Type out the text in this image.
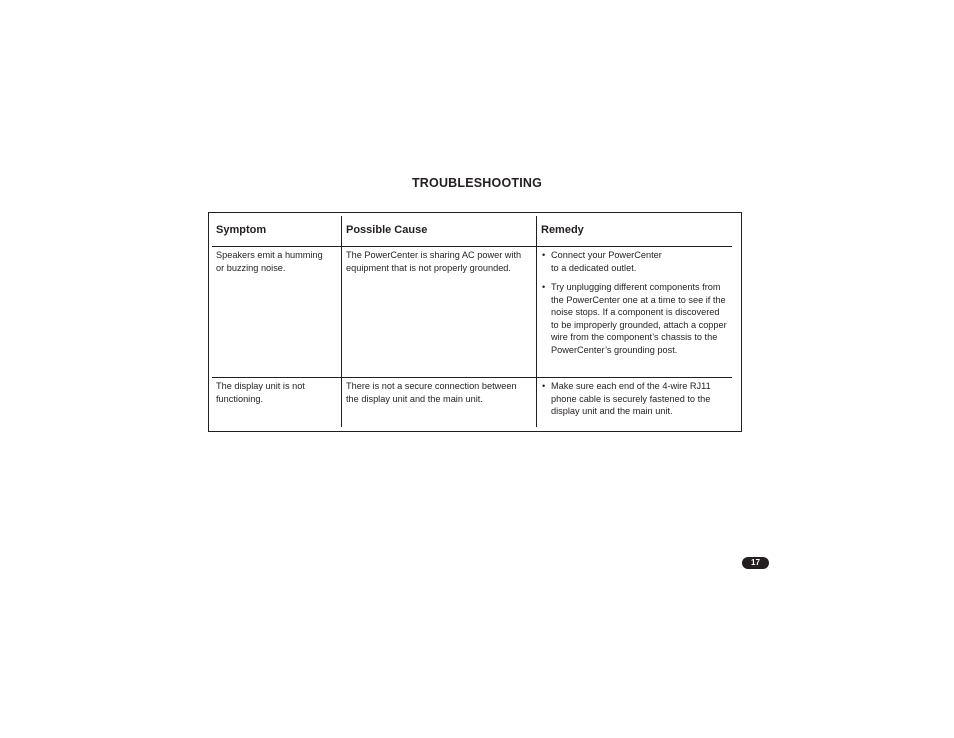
TROUBLESHOOTING
Symptom	Possible Cause	Remedy
Speakers emit a humming
or buzzing noise.
The PowerCenter is sharing AC power with
equipment that is not properly grounded.
• Connect your PowerCenter
to a dedicated outlet.
• Try unplugging different components from
the PowerCenter one at a time to see if the
noise stops. If a component is discovered
to be improperly grounded, attach a copper
wire from the component’s chassis to the
PowerCenter’s grounding post.
The display unit is not
functioning.
There is not a secure connection between
the display unit and the main unit.
• Make sure each end of the 4-wire RJ11
phone cable is securely fastened to the
display unit and the main unit.
17
